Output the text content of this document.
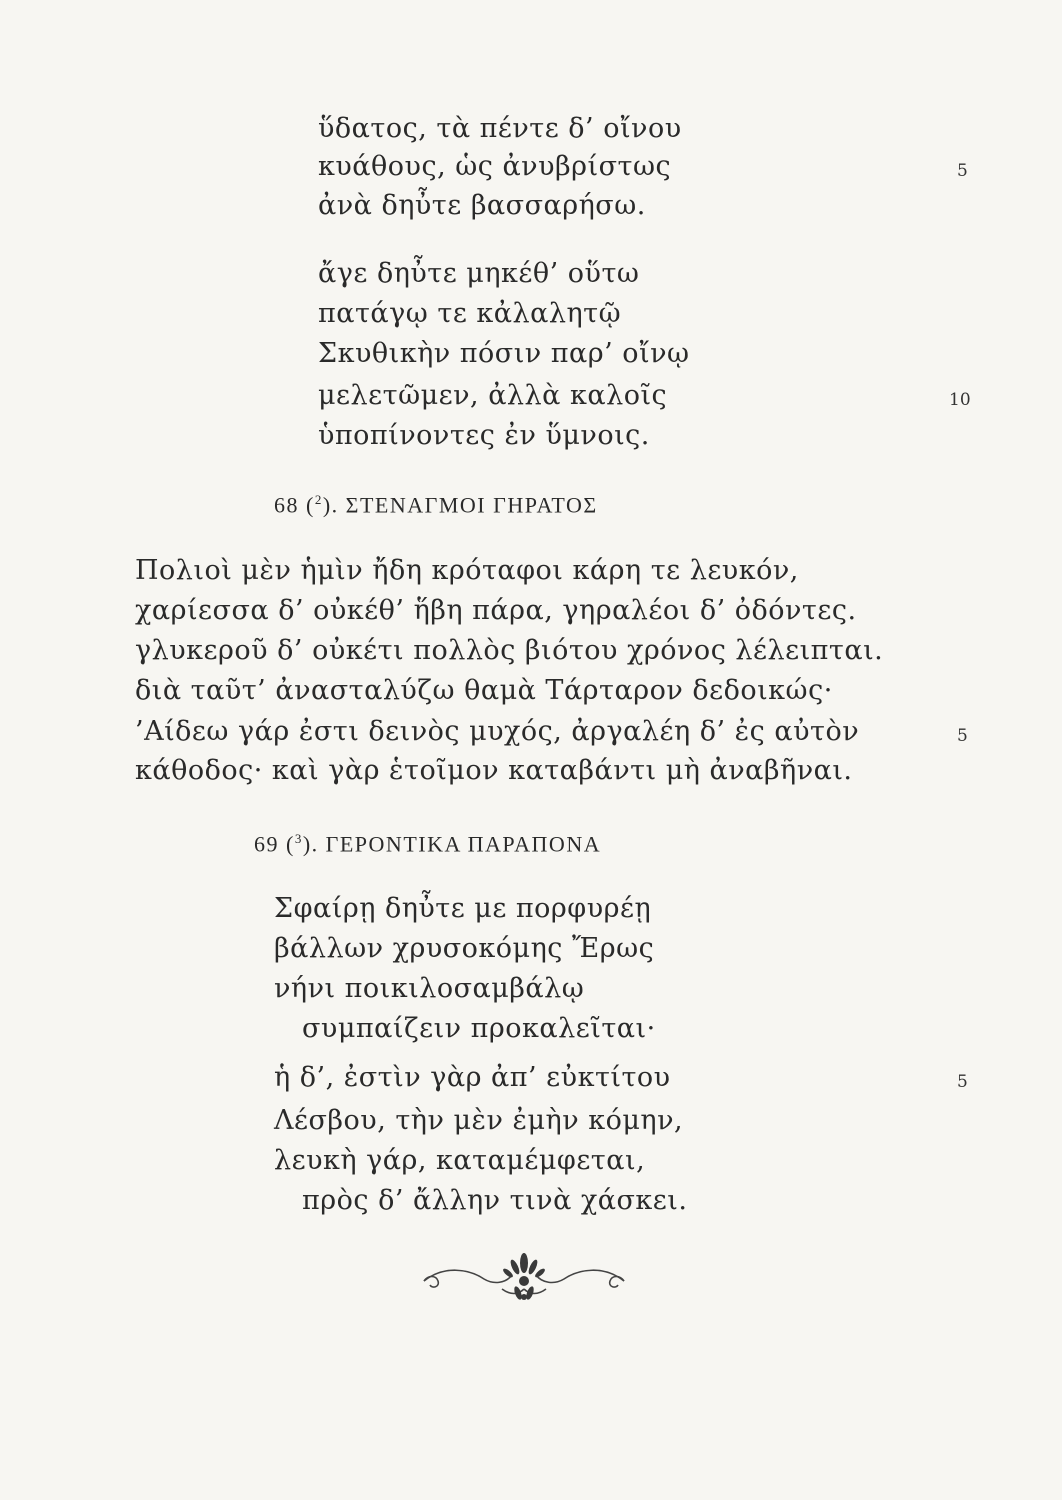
ὕδατος, τὰ πέντε δ’ οἴνου
κυάθους, ὡς ἀνυβρίστως	5
ἀνὰ δηὖτε βασσαρήσω.
ἄγε δηὖτε μηκέθ’ οὕτω
πατάγῳ τε κἀλαλητῷ
Σκυθικὴν πόσιν παρ’ οἴνῳ
μελετῶμεν, ἀλλὰ καλοῖς	10
ὑποπίνοντες ἐν ὕμνοις.
68 ($^2$). ΣΤΕΝΑΓΜΟΙ ΓΗΡΑΤΟΣ
Πολιοὶ μὲν ἡμὶν ἤδη κρόταφοι κάρη τε λευκόν,
χαρίεσσα δ’ οὐκέθ’ ἥβη πάρα, γηραλέοι δ’ ὀδόντες.
γλυκεροῦ δ’ οὐκέτι πολλὸς βιότου χρόνος λέλειπται.
διὰ ταῦτ’ ἀνασταλύζω θαμὰ Τάρταρον δεδοικώς·
’Αίδεω γάρ ἐστι δεινὸς μυχός, ἀργαλέη δ’ ἐς αὐτὸν	5
κάθοδος· καὶ γὰρ ἑτοῖμον καταβάντι μὴ ἀναβῆναι.
69 ($^3$). ΓΕΡΟΝΤΙΚΑ ΠΑΡΑΠΟΝΑ
Σφαίρῃ δηὖτε με πορφυρέῃ
βάλλων χρυσοκόμης Ἔρως
νήνι ποικιλοσαμβάλῳ
συμπαίζειν προκαλεῖται·
ἡ δ’, ἐστὶν γὰρ ἀπ’ εὐκτίτου	5
Λέσβου, τὴν μὲν ἐμὴν κόμην,
λευκὴ γάρ, καταμέμφεται,
πρὸς δ’ ἄλλην τινὰ χάσκει.
